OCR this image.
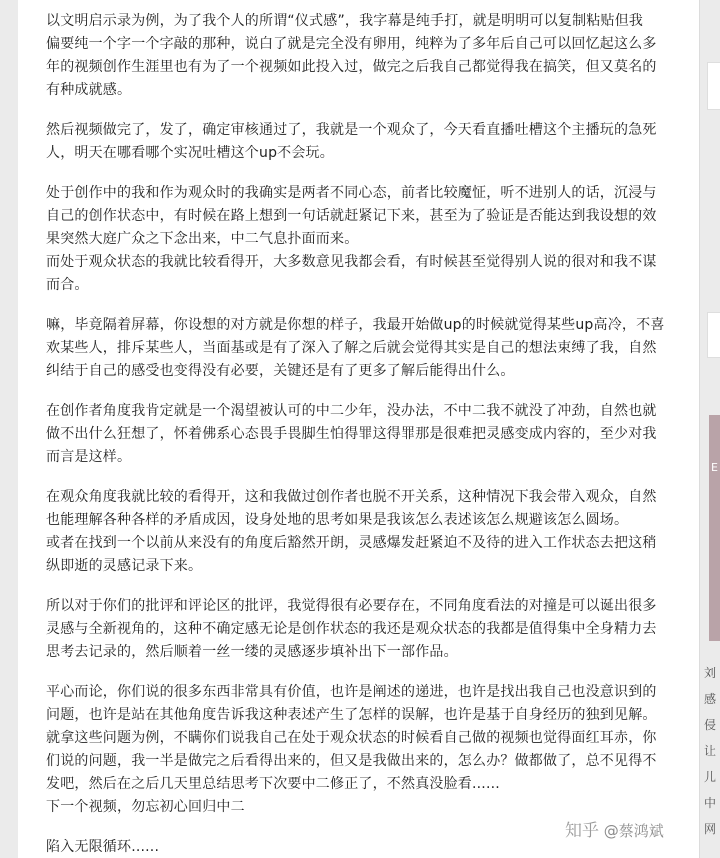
以文明启示录为例，为了我个人的所谓“仪式感”，我字幕是纯手打，就是明明可以复制粘贴但我
偏要纯一个字一个字敲的那种，说白了就是完全没有卵用，纯粹为了多年后自己可以回忆起这么多
年的视频创作生涯里也有为了一个视频如此投入过，做完之后我自己都觉得我在搞笑，但又莫名的
有种成就感。

然后视频做完了，发了，确定审核通过了，我就是一个观众了，今天看直播吐槽这个主播玩的急死
人，明天在哪看哪个实况吐槽这个up不会玩。

处于创作中的我和作为观众时的我确实是两者不同心态，前者比较魔怔，听不进别人的话，沉浸与
自己的创作状态中，有时候在路上想到一句话就赶紧记下来，甚至为了验证是否能达到我设想的效
果突然大庭广众之下念出来，中二气息扑面而来。
而处于观众状态的我就比较看得开，大多数意见我都会看，有时候甚至觉得别人说的很对和我不谋
而合。

嘛，毕竟隔着屏幕，你设想的对方就是你想的样子，我最开始做up的时候就觉得某些up高冷，不喜
欢某些人，排斥某些人，当面基或是有了深入了解之后就会觉得其实是自己的想法束缚了我，自然
纠结于自己的感受也变得没有必要，关键还是有了更多了解后能得出什么。

在创作者角度我肯定就是一个渴望被认可的中二少年，没办法，不中二我不就没了冲劲，自然也就
做不出什么狂想了，怀着佛系心态畏手畏脚生怕得罪这得罪那是很难把灵感变成内容的，至少对我
而言是这样。

在观众角度我就比较的看得开，这和我做过创作者也脱不开关系，这种情况下我会带入观众，自然
也能理解各种各样的矛盾成因，设身处地的思考如果是我该怎么表述该怎么规避该怎么圆场。
或者在找到一个以前从来没有的角度后豁然开朗，灵感爆发赶紧迫不及待的进入工作状态去把这稍
纵即逝的灵感记录下来。

所以对于你们的批评和评论区的批评，我觉得很有必要存在，不同角度看法的对撞是可以诞出很多
灵感与全新视角的，这种不确定感无论是创作状态的我还是观众状态的我都是值得集中全身精力去
思考去记录的，然后顺着一丝一缕的灵感逐步填补出下一部作品。

平心而论，你们说的很多东西非常具有价值，也许是阐述的递进，也许是找出我自己也没意识到的
问题，也许是站在其他角度告诉我这种表述产生了怎样的误解，也许是基于自身经历的独到见解。
就拿这些问题为例，不瞒你们说我自己在处于观众状态的时候看自己做的视频也觉得面红耳赤，你
们说的问题，我一半是做完之后看得出来的，但又是我做出来的，怎么办？做都做了，总不见得不
发吧，然后在之后几天里总结思考下次要中二修正了，不然真没脸看......
下一个视频，勿忘初心回归中二

陷入无限循环......

E
刘
感
侵
让
儿
中
网
知乎 @蔡鸿斌
